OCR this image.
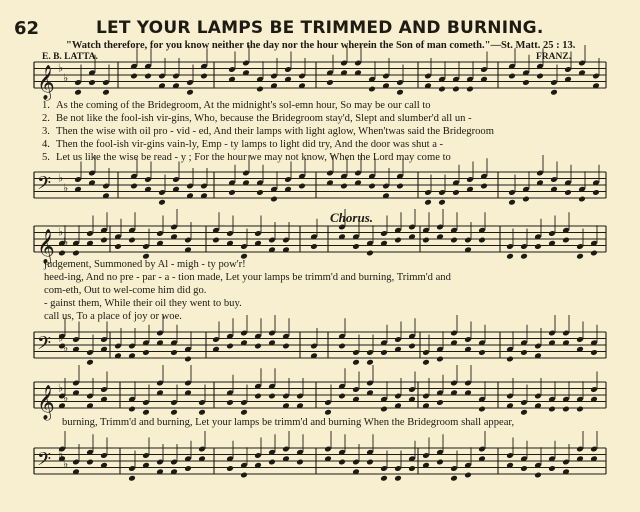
62	LET YOUR LAMPS BE TRIMMED AND BURNING.
"Watch therefore, for you know neither the day nor the hour wherein the Son of man cometh."—St. Matt. 25 : 13.
E. B. LATTA.	FRANZ.
𝄞 ♭
♭
𝄢 ♭
♭
𝄞 ♭
♭
𝄢 ♭
♭
𝄞 ♭
♭
𝄢 ♭
♭
Chorus.
1. As the coming of the Bridegroom, At the midnight's sol-emn hour, So may be our call to
2. Be not like the fool-ish vir-gins, Who, because the Bridegroom stay'd, Slept and slumber'd all un -
3. Then the wise with oil pro - vid - ed, And their lamps with light aglow, When'twas said the Bridegroom
4. Then the fool-ish vir-gins vain-ly, Emp - ty lamps to light did try, And the door was shut a -
5. Let us like the wise be read - y ; For the hour we may not know, When the Lord may come to
judgement, Summoned by Al - migh - ty pow'r!
heed-ing, And no pre - par - a - tion made, Let your lamps be trimm'd and burning, Trimm'd and
com-eth, Out to wel-come him did go.
- gainst them, While their oil they went to buy.
call us, To a place of joy or woe.
burning, Trimm'd and burning, Let your lamps be trimm'd and burning When the Bridegroom shall appear,
